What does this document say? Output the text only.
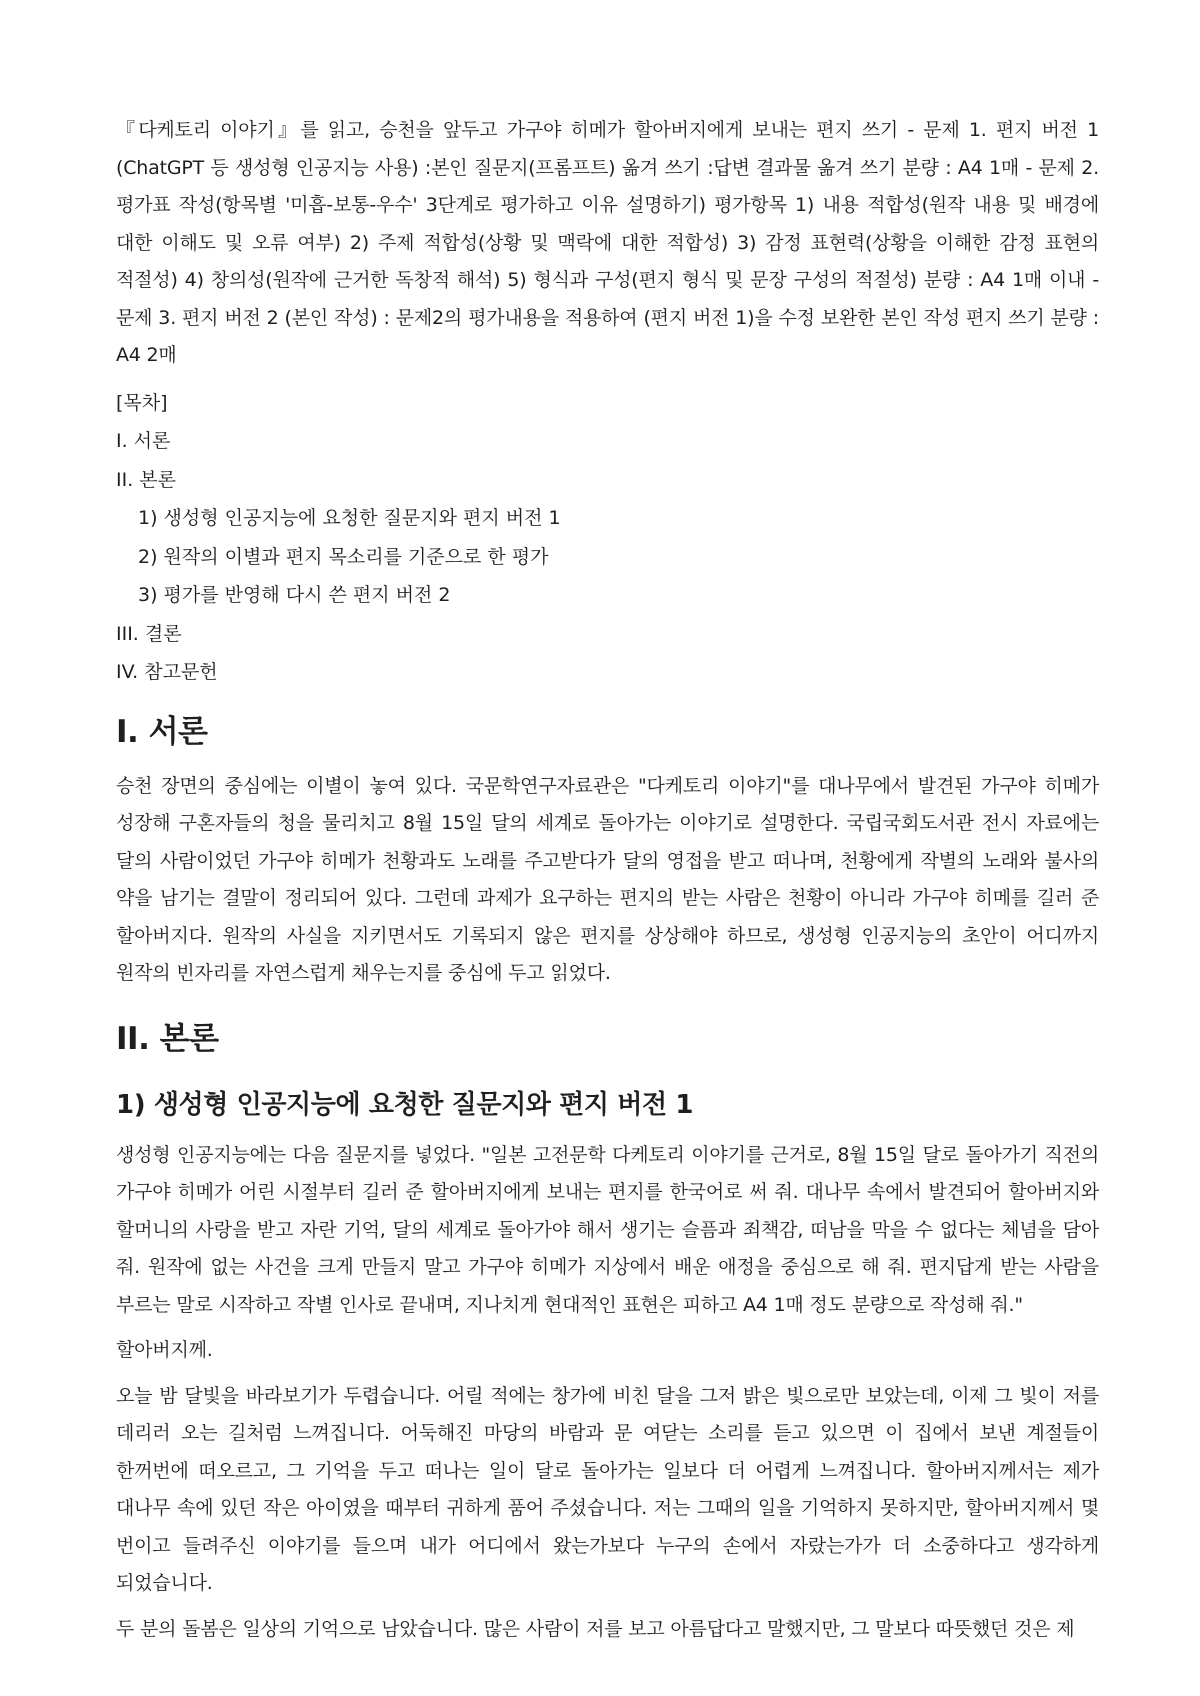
『다케토리 이야기』를 읽고, 승천을 앞두고 가구야 히메가 할아버지에게 보내는 편지 쓰기 - 문제 1. 편지 버전 1 (ChatGPT 등 생성형 인공지능 사용) :본인 질문지(프롬프트) 옮겨 쓰기 :답변 결과물 옮겨 쓰기 분량 : A4 1매 - 문제 2. 평가표 작성(항목별 '미흡-보통-우수' 3단계로 평가하고 이유 설명하기) 평가항목 1) 내용 적합성(원작 내용 및 배경에 대한 이해도 및 오류 여부) 2) 주제 적합성(상황 및 맥락에 대한 적합성) 3) 감정 표현력(상황을 이해한 감정 표현의 적절성) 4) 창의성(원작에 근거한 독창적 해석) 5) 형식과 구성(편지 형식 및 문장 구성의 적절성) 분량 : A4 1매 이내 - 문제 3. 편지 버전 2 (본인 작성) : 문제2의 평가내용을 적용하여 (편지 버전 1)을 수정 보완한 본인 작성 편지 쓰기 분량 : A4 2매

[목차]
I. 서론
II. 본론
1) 생성형 인공지능에 요청한 질문지와 편지 버전 1
2) 원작의 이별과 편지 목소리를 기준으로 한 평가
3) 평가를 반영해 다시 쓴 편지 버전 2
III. 결론
IV. 참고문헌
I. 서론

승천 장면의 중심에는 이별이 놓여 있다. 국문학연구자료관은 "다케토리 이야기"를 대나무에서 발견된 가구야 히메가 성장해 구혼자들의 청을 물리치고 8월 15일 달의 세계로 돌아가는 이야기로 설명한다. 국립국회도서관 전시 자료에는 달의 사람이었던 가구야 히메가 천황과도 노래를 주고받다가 달의 영접을 받고 떠나며, 천황에게 작별의 노래와 불사의 약을 남기는 결말이 정리되어 있다. 그런데 과제가 요구하는 편지의 받는 사람은 천황이 아니라 가구야 히메를 길러 준 할아버지다. 원작의 사실을 지키면서도 기록되지 않은 편지를 상상해야 하므로, 생성형 인공지능의 초안이 어디까지 원작의 빈자리를 자연스럽게 채우는지를 중심에 두고 읽었다.

II. 본론
1) 생성형 인공지능에 요청한 질문지와 편지 버전 1

생성형 인공지능에는 다음 질문지를 넣었다. "일본 고전문학 다케토리 이야기를 근거로, 8월 15일 달로 돌아가기 직전의 가구야 히메가 어린 시절부터 길러 준 할아버지에게 보내는 편지를 한국어로 써 줘. 대나무 속에서 발견되어 할아버지와 할머니의 사랑을 받고 자란 기억, 달의 세계로 돌아가야 해서 생기는 슬픔과 죄책감, 떠남을 막을 수 없다는 체념을 담아 줘. 원작에 없는 사건을 크게 만들지 말고 가구야 히메가 지상에서 배운 애정을 중심으로 해 줘. 편지답게 받는 사람을 부르는 말로 시작하고 작별 인사로 끝내며, 지나치게 현대적인 표현은 피하고 A4 1매 정도 분량으로 작성해 줘."

할아버지께.

오늘 밤 달빛을 바라보기가 두렵습니다. 어릴 적에는 창가에 비친 달을 그저 밝은 빛으로만 보았는데, 이제 그 빛이 저를 데리러 오는 길처럼 느껴집니다. 어둑해진 마당의 바람과 문 여닫는 소리를 듣고 있으면 이 집에서 보낸 계절들이 한꺼번에 떠오르고, 그 기억을 두고 떠나는 일이 달로 돌아가는 일보다 더 어렵게 느껴집니다. 할아버지께서는 제가 대나무 속에 있던 작은 아이였을 때부터 귀하게 품어 주셨습니다. 저는 그때의 일을 기억하지 못하지만, 할아버지께서 몇 번이고 들려주신 이야기를 들으며 내가 어디에서 왔는가보다 누구의 손에서 자랐는가가 더 소중하다고 생각하게 되었습니다.

두 분의 돌봄은 일상의 기억으로 남았습니다. 많은 사람이 저를 보고 아름답다고 말했지만, 그 말보다 따뜻했던 것은 제
